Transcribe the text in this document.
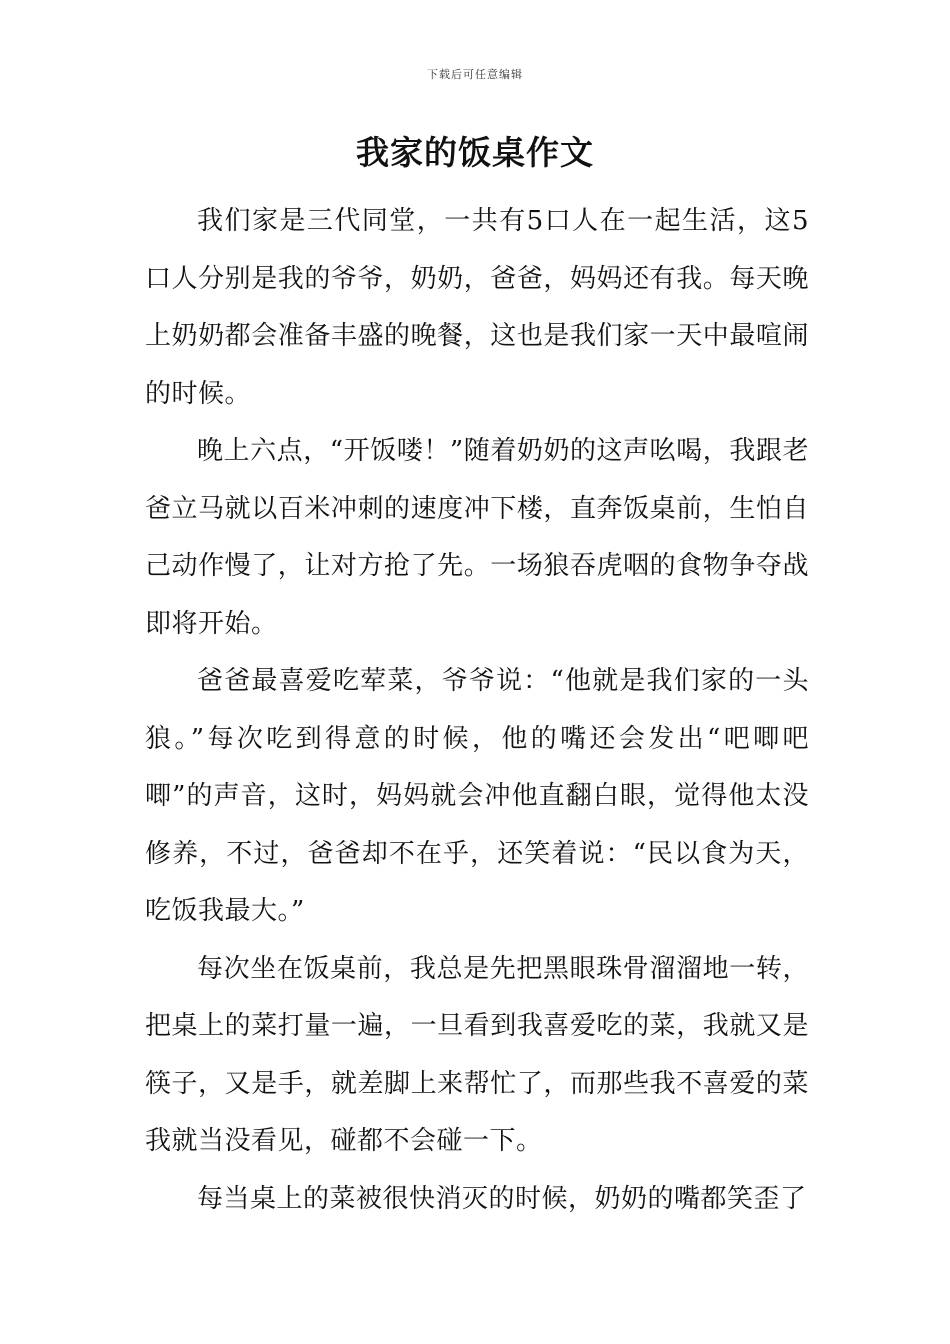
下载后可任意编辑
我家的饭桌作文

我们家是三代同堂，一共有5口人在一起生活，这5口人分别是我的爷爷，奶奶，爸爸，妈妈还有我。每天晚上奶奶都会准备丰盛的晚餐，这也是我们家一天中最喧闹的时候。

晚上六点，“开饭喽！”随着奶奶的这声吆喝，我跟老爸立马就以百米冲刺的速度冲下楼，直奔饭桌前，生怕自己动作慢了，让对方抢了先。一场狼吞虎咽的食物争夺战即将开始。

爸爸最喜爱吃荤菜，爷爷说：“他就是我们家的一头狼。”每次吃到得意的时候，他的嘴还会发出“吧唧吧唧”的声音，这时，妈妈就会冲他直翻白眼，觉得他太没修养，不过，爸爸却不在乎，还笑着说：“民以食为天，吃饭我最大。”

每次坐在饭桌前，我总是先把黑眼珠骨溜溜地一转，把桌上的菜打量一遍，一旦看到我喜爱吃的菜，我就又是筷子，又是手，就差脚上来帮忙了，而那些我不喜爱的菜我就当没看见，碰都不会碰一下。

每当桌上的菜被很快消灭的时候，奶奶的嘴都笑歪了
